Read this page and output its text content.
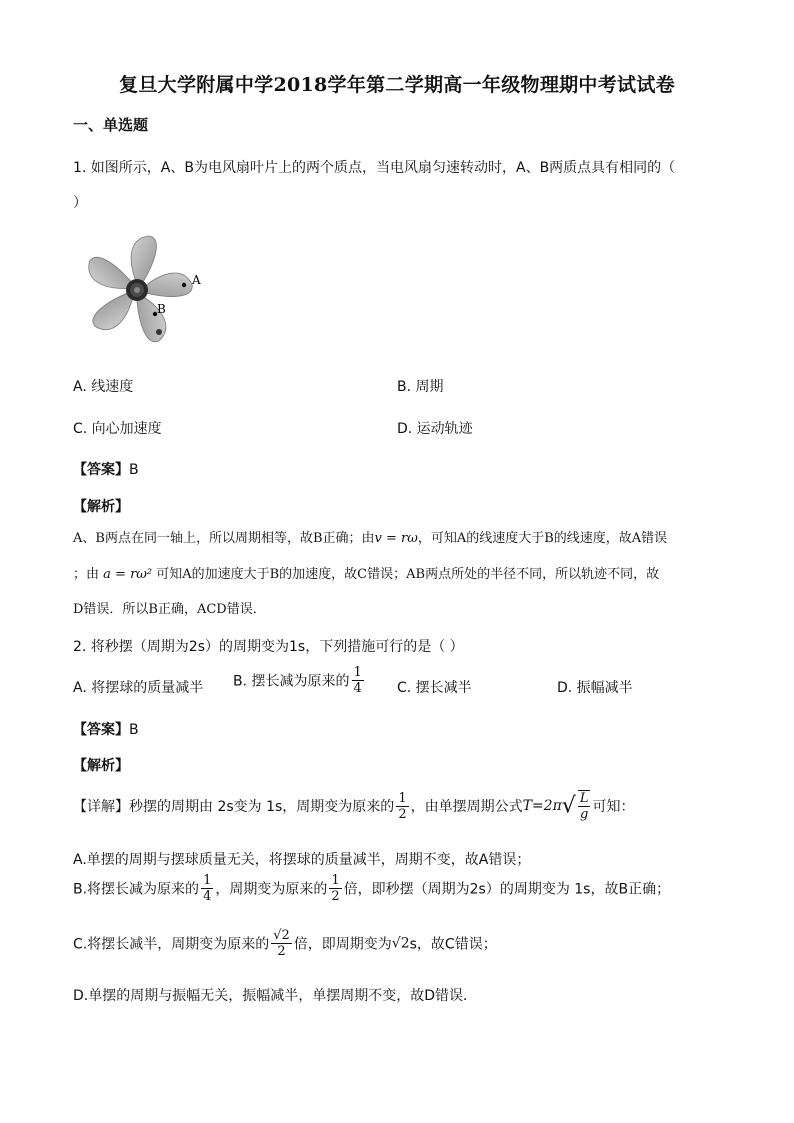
复旦大学附属中学2018学年第二学期高一年级物理期中考试试卷
一、单选题
1. 如图所示，A、B为电风扇叶片上的两个质点，当电风扇匀速转动时，A、B两质点具有相同的（
）
A
B
A. 线速度	B. 周期
C. 向心加速度	D. 运动轨迹
【答案】B
【解析】
A、B两点在同一轴上，所以周期相等，故B正确；由v = rω，可知A的线速度大于B的线速度，故A错误
；由 a = rω² 可知A的加速度大于B的加速度，故C错误；AB两点所处的半径不同，所以轨迹不同，故
D错误．所以B正确，ACD错误．
2. 将秒摆（周期为2s）的周期变为1s，下列措施可行的是（ ）
A. 将摆球的质量减半 B. 摆长减为原来的 $\frac{1}{4} C$. 摆长减半	D. 振幅减半
【答案】B
【解析】
【详解】秒摆的周期由 2s变为 1s，周期变为原来的 $\frac{1}{2}$ ，由单摆周期公式$T=2\pi√ \frac{L}{g}$ 可知：
A.单摆的周期与摆球质量无关，将摆球的质量减半，周期不变，故A错误；
B.将摆长减为原来的 $\frac{1}{4}$ ，周期变为原来的 $\frac{1}{2}$ 倍，即秒摆（周期为2s）的周期变为 1s，故B正确；
C.将摆长减半，周期变为原来的 $\frac{√2}{2}$ 倍，即周期变为√2s，故C错误；
D.单摆的周期与振幅无关，振幅减半，单摆周期不变，故D错误．
